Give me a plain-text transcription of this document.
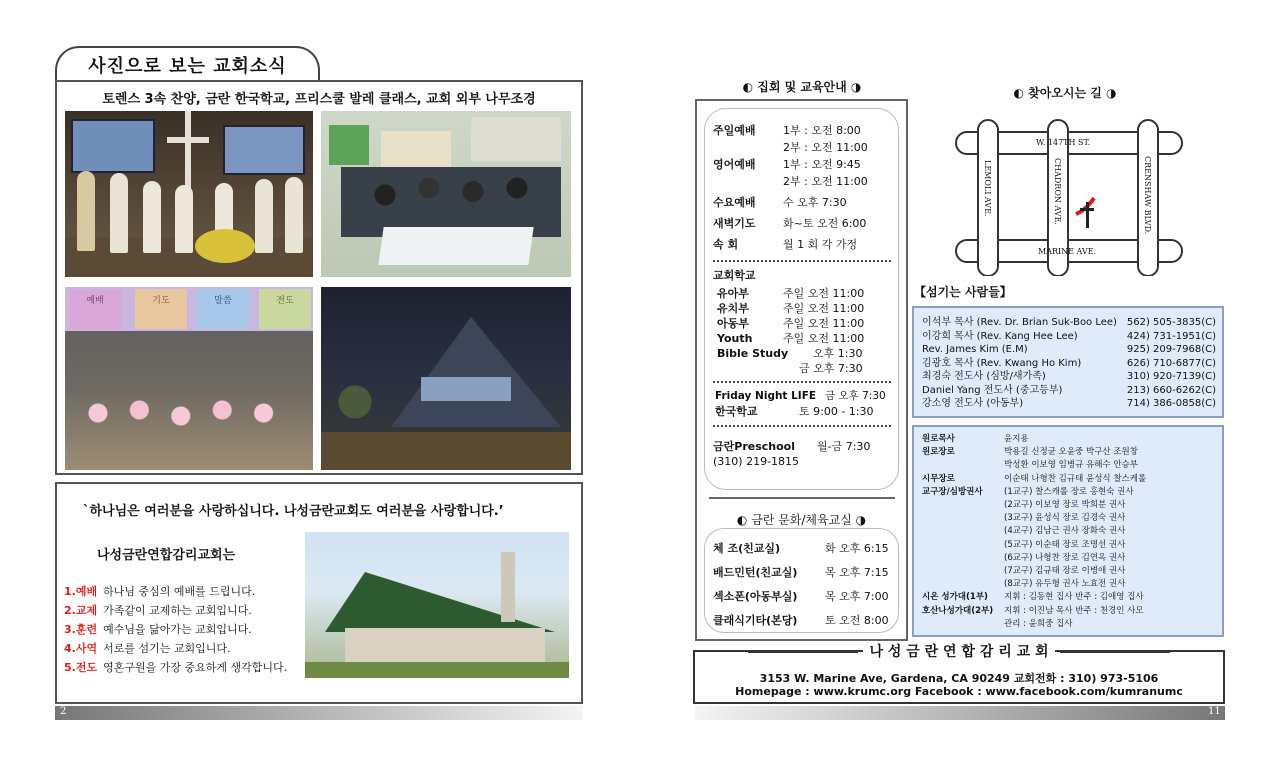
사진으로 보는 교회소식
토렌스 3속 찬양, 금란 한국학교, 프리스쿨 발레 클래스, 교회 외부 나무조경
예배	기도	말씀	전도
`하나님은 여러분을 사랑하십니다. 나성금란교회도 여러분을 사랑합니다.’
나성금란연합감리교회는
1. 예배 하나님 중심의 예배를 드립니다.
2. 교제 가족같이 교제하는 교회입니다.
3. 훈련 예수님을 닮아가는 교회입니다.
4. 사역 서로를 섬기는 교회입니다.
5. 전도 영혼구원을 가장 중요하게 생각합니다.
2
◐ 집회 및 교육안내 ◑
주일예배	1부 : 오전 8:00
2부 : 오전 11:00
영어예배	1부 : 오전 9:45
2부 : 오전 11:00
수요예배	수 오후 7:30
새벽기도	화~토 오전 6:00
속 회	월 1 회 각 가정
교회학교
유아부	주일 오전 11:00
유치부	주일 오전 11:00
아동부	주일 오전 11:00
Youth	주일 오전 11:00
Bible Study	오후 1:30
금 오후 7:30
Friday Night LIFE 금 오후 7:30
한국학교	토 9:00 - 1:30
금란Preschool	월-금 7:30
(310) 219-1815
◐ 금란 문화/체육교실 ◑
체 조(친교실)	화 오후 6:15
배드민턴(친교실)	목 오후 7:15
섹소폰(아동부실)	목 오후 7:00
클래식기타(본당)	토 오전 8:00
◐ 찾아오시는 길 ◑
W. 147TH ST.
MARINE AVE.
LEMOLI AVE.	CHADRON AVE.	CRENSHAW BLVD.
【섬기는 사람들】
이석부 목사 (Rev. Dr. Brian Suk-Boo Lee) 562) 505-3835(C)
이강희 목사 (Rev. Kang Hee Lee)	424) 731-1951(C)
Rev. James Kim (E.M)	925) 209-7968(C)
김광호 목사 (Rev. Kwang Ho Kim)	626) 710-6877(C)
최경숙 전도사 (심방/새가족)	310) 920-7139(C)
Daniel Yang 전도사 (중고등부)	213) 660-6262(C)
강소영 전도사 (아동부)	714) 386-0858(C)
원로목사	윤지용
원로장로	박용길 신정균 오윤중 박구산 조원창
박성환 이보영 임병규 유해수 안승부
시무장로	이순태 나형찬 김규태 윤성식 찰스케롤
교구장/심방권사	(1교구) 찰스캐롤 장로 홍현숙 권사
(2교구) 이보영 장로 박희분 권사
(3교구) 윤성식 장로 김경숙 권사
(4교구) 김남근 권사 장화숙 권사
(5교구) 이순태 장로 조명선 권사
(6교구) 나형찬 장로 김연옥 권사
(7교구) 김규태 장로 이병애 권사
(8교구) 유두형 권사 노효전 권사
시온 성가대(1부)	지휘 : 김동현 집사 반주 : 김애영 집사
호산나성가대(2부)	지휘 : 이진남 목사 반주 : 천경인 사모
관리 : 윤희중 집사
나 성 금 란 연 합 감 리 교 회
3153 W. Marine Ave, Gardena, CA 90249 교회전화 : 310) 973-5106
Homepage : www.krumc.org Facebook : www.facebook.com/kumranumc
11
